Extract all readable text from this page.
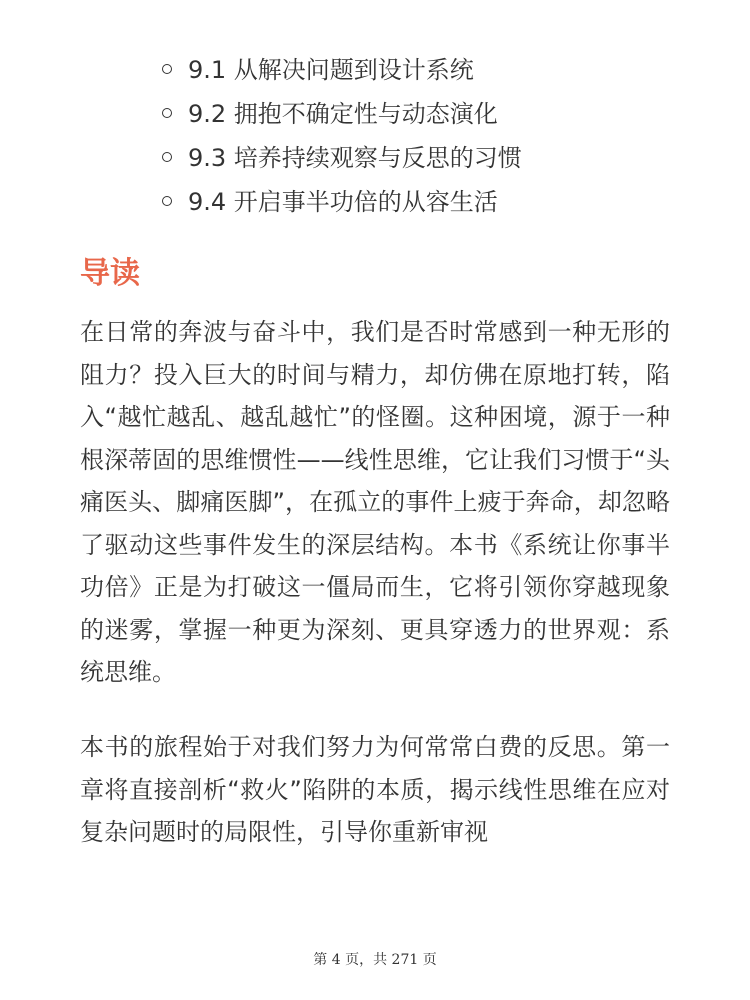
9.1 从解决问题到设计系统
9.2 拥抱不确定性与动态演化
9.3 培养持续观察与反思的习惯
9.4 开启事半功倍的从容生活
导读

在日常的奔波与奋斗中，我们是否时常感到一种无形的阻力？投入巨大的时间与精力，却仿佛在原地打转，陷入“越忙越乱、越乱越忙”的怪圈。这种困境，源于一种根深蒂固的思维惯性——线性思维，它让我们习惯于“头痛医头、脚痛医脚”，在孤立的事件上疲于奔命，却忽略了驱动这些事件发生的深层结构。本书《系统让你事半功倍》正是为打破这一僵局而生，它将引领你穿越现象的迷雾，掌握一种更为深刻、更具穿透力的世界观：系统思维。

本书的旅程始于对我们努力为何常常白费的反思。第一章将直接剖析“救火”陷阱的本质，揭示线性思维在应对复杂问题时的局限性，引导你重新审视

第 4 页，共 271 页
